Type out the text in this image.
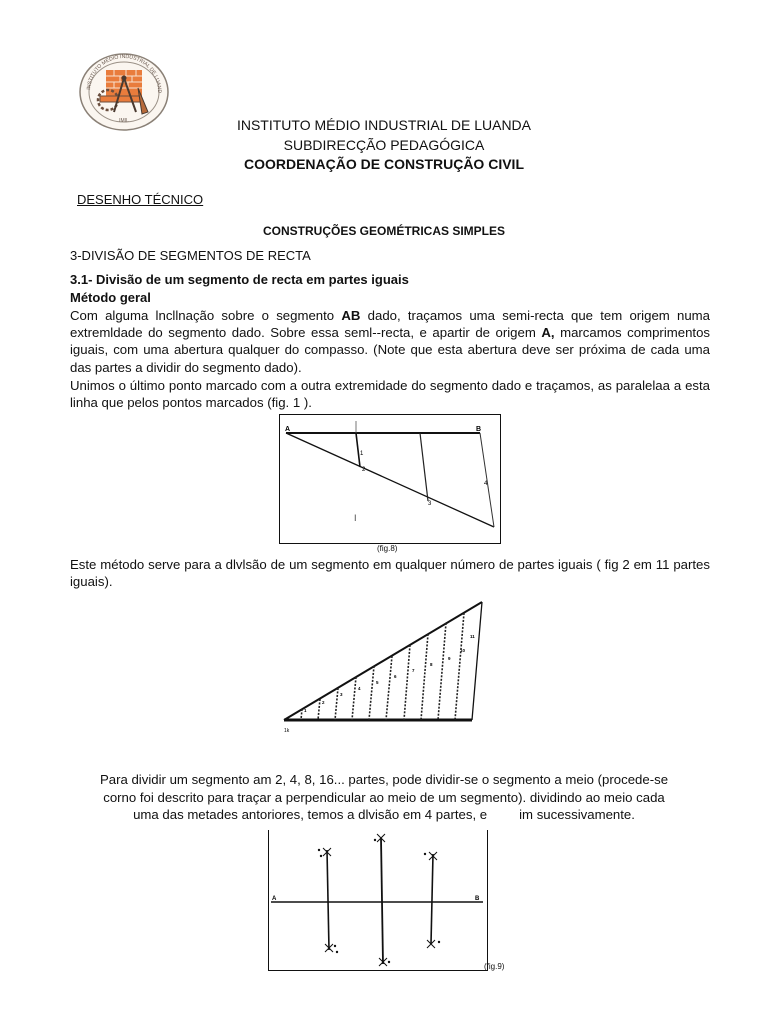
INSTITUTO MÉDIO INDUSTRIAL DE LUAND
IMIL	INSTITUTO MÉDIO INDUSTRIAL DE LUANDA
SUBDIRECÇÃO PEDAGÓGICA
COORDENAÇÃO DE CONSTRUÇÃO CIVIL
DESENHO TÉCNICO
CONSTRUÇÕES GEOMÉTRICAS SIMPLES
3-DIVISÃO DE SEGMENTOS DE RECTA
3.1- Divisão de um segmento de recta em partes iguais
Método geral
Com alguma lncllnação sobre o segmento AB dado, traçamos uma semi-recta que tem origem numa extremldade do segmento dado. Sobre essa seml--recta, e apartir de origem A, marcamos comprimentos iguais, com uma abertura qualquer do compasso. (Note que esta abertura deve ser próxima de cada uma das partes a dividir do segmento dado).
Unimos o último ponto marcado com a outra extremidade do segmento dado e traçamos, as paralelaa a esta linha que pelos pontos marcados (fig. 1 ).
A	B
1
2
3
4
I
(fig.8)
Este método serve para a dlvlsão de um segmento em qualquer número de partes iguais ( fig 2 em 11 partes iguais).
1k
1
2
3
4
5
6
7
8
9
10
11
Para dividir um segmento am 2, 4, 8, 16... partes, pode dividir-se o segmento a meio (procede-se
corno foi descrito para traçar a perpendicular ao meio de um segmento). dividindo ao meio cada
uma das metades antoriores, temos a dlvisão em 4 partes, e im sucessivamente.
A	B
(fig.9)
